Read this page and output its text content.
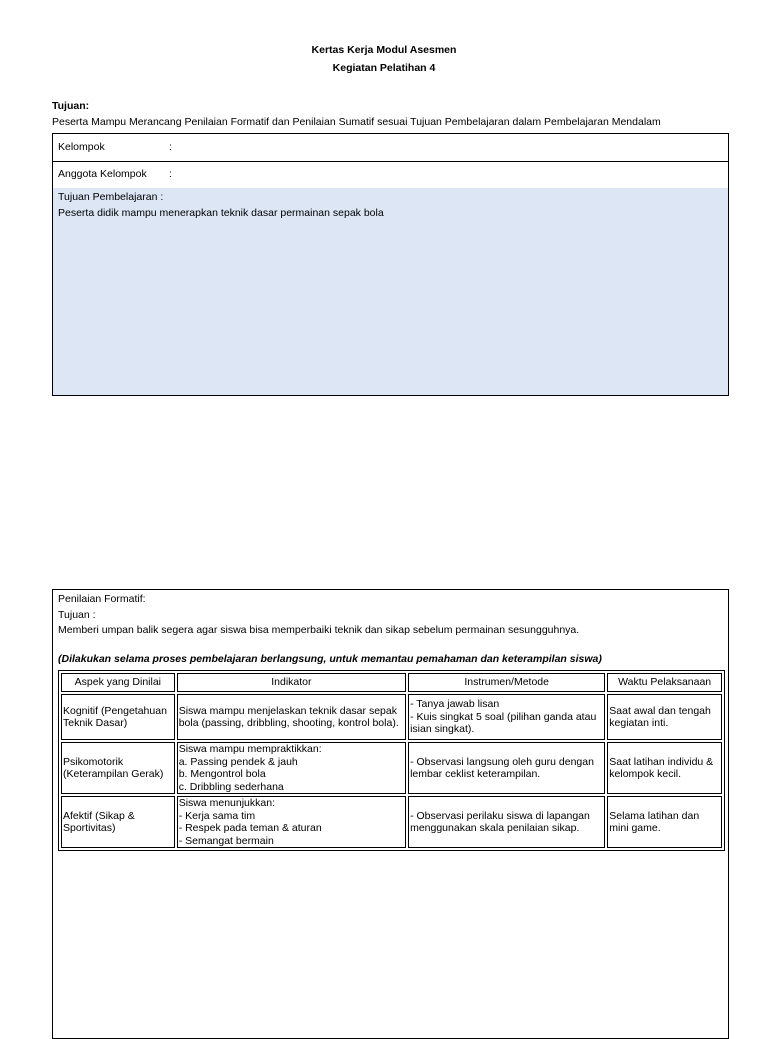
Kertas Kerja Modul Asesmen
Kegiatan Pelatihan 4
Tujuan:
Peserta Mampu Merancang Penilaian Formatif dan Penilaian Sumatif sesuai Tujuan Pembelajaran dalam Pembelajaran Mendalam
Kelompok	:
Anggota Kelompok :
Tujuan Pembelajaran :
Peserta didik mampu menerapkan teknik dasar permainan sepak bola
Penilaian Formatif:
Tujuan :
Memberi umpan balik segera agar siswa bisa memperbaiki teknik dan sikap sebelum permainan sesungguhnya.
(Dilakukan selama proses pembelajaran berlangsung, untuk memantau pemahaman dan keterampilan siswa)
Aspek yang Dinilai	Indikator	Instrumen/Metode	Waktu Pelaksanaan
Kognitif (Pengetahuan Teknik Dasar)	Siswa mampu menjelaskan teknik dasar sepak bola (passing, dribbling, shooting, kontrol bola).	- Tanya jawab lisan
- Kuis singkat 5 soal (pilihan ganda atau isian singkat).	Saat awal dan tengah kegiatan inti.
Psikomotorik (Keterampilan Gerak)	Siswa mampu mempraktikkan:
a. Passing pendek & jauh
b. Mengontrol bola
c. Dribbling sederhana	- Observasi langsung oleh guru dengan lembar ceklist keterampilan.	Saat latihan individu & kelompok kecil.
Afektif (Sikap & Sportivitas)	Siswa menunjukkan:
- Kerja sama tim
- Respek pada teman & aturan
- Semangat bermain	- Observasi perilaku siswa di lapangan menggunakan skala penilaian sikap.	Selama latihan dan mini game.
